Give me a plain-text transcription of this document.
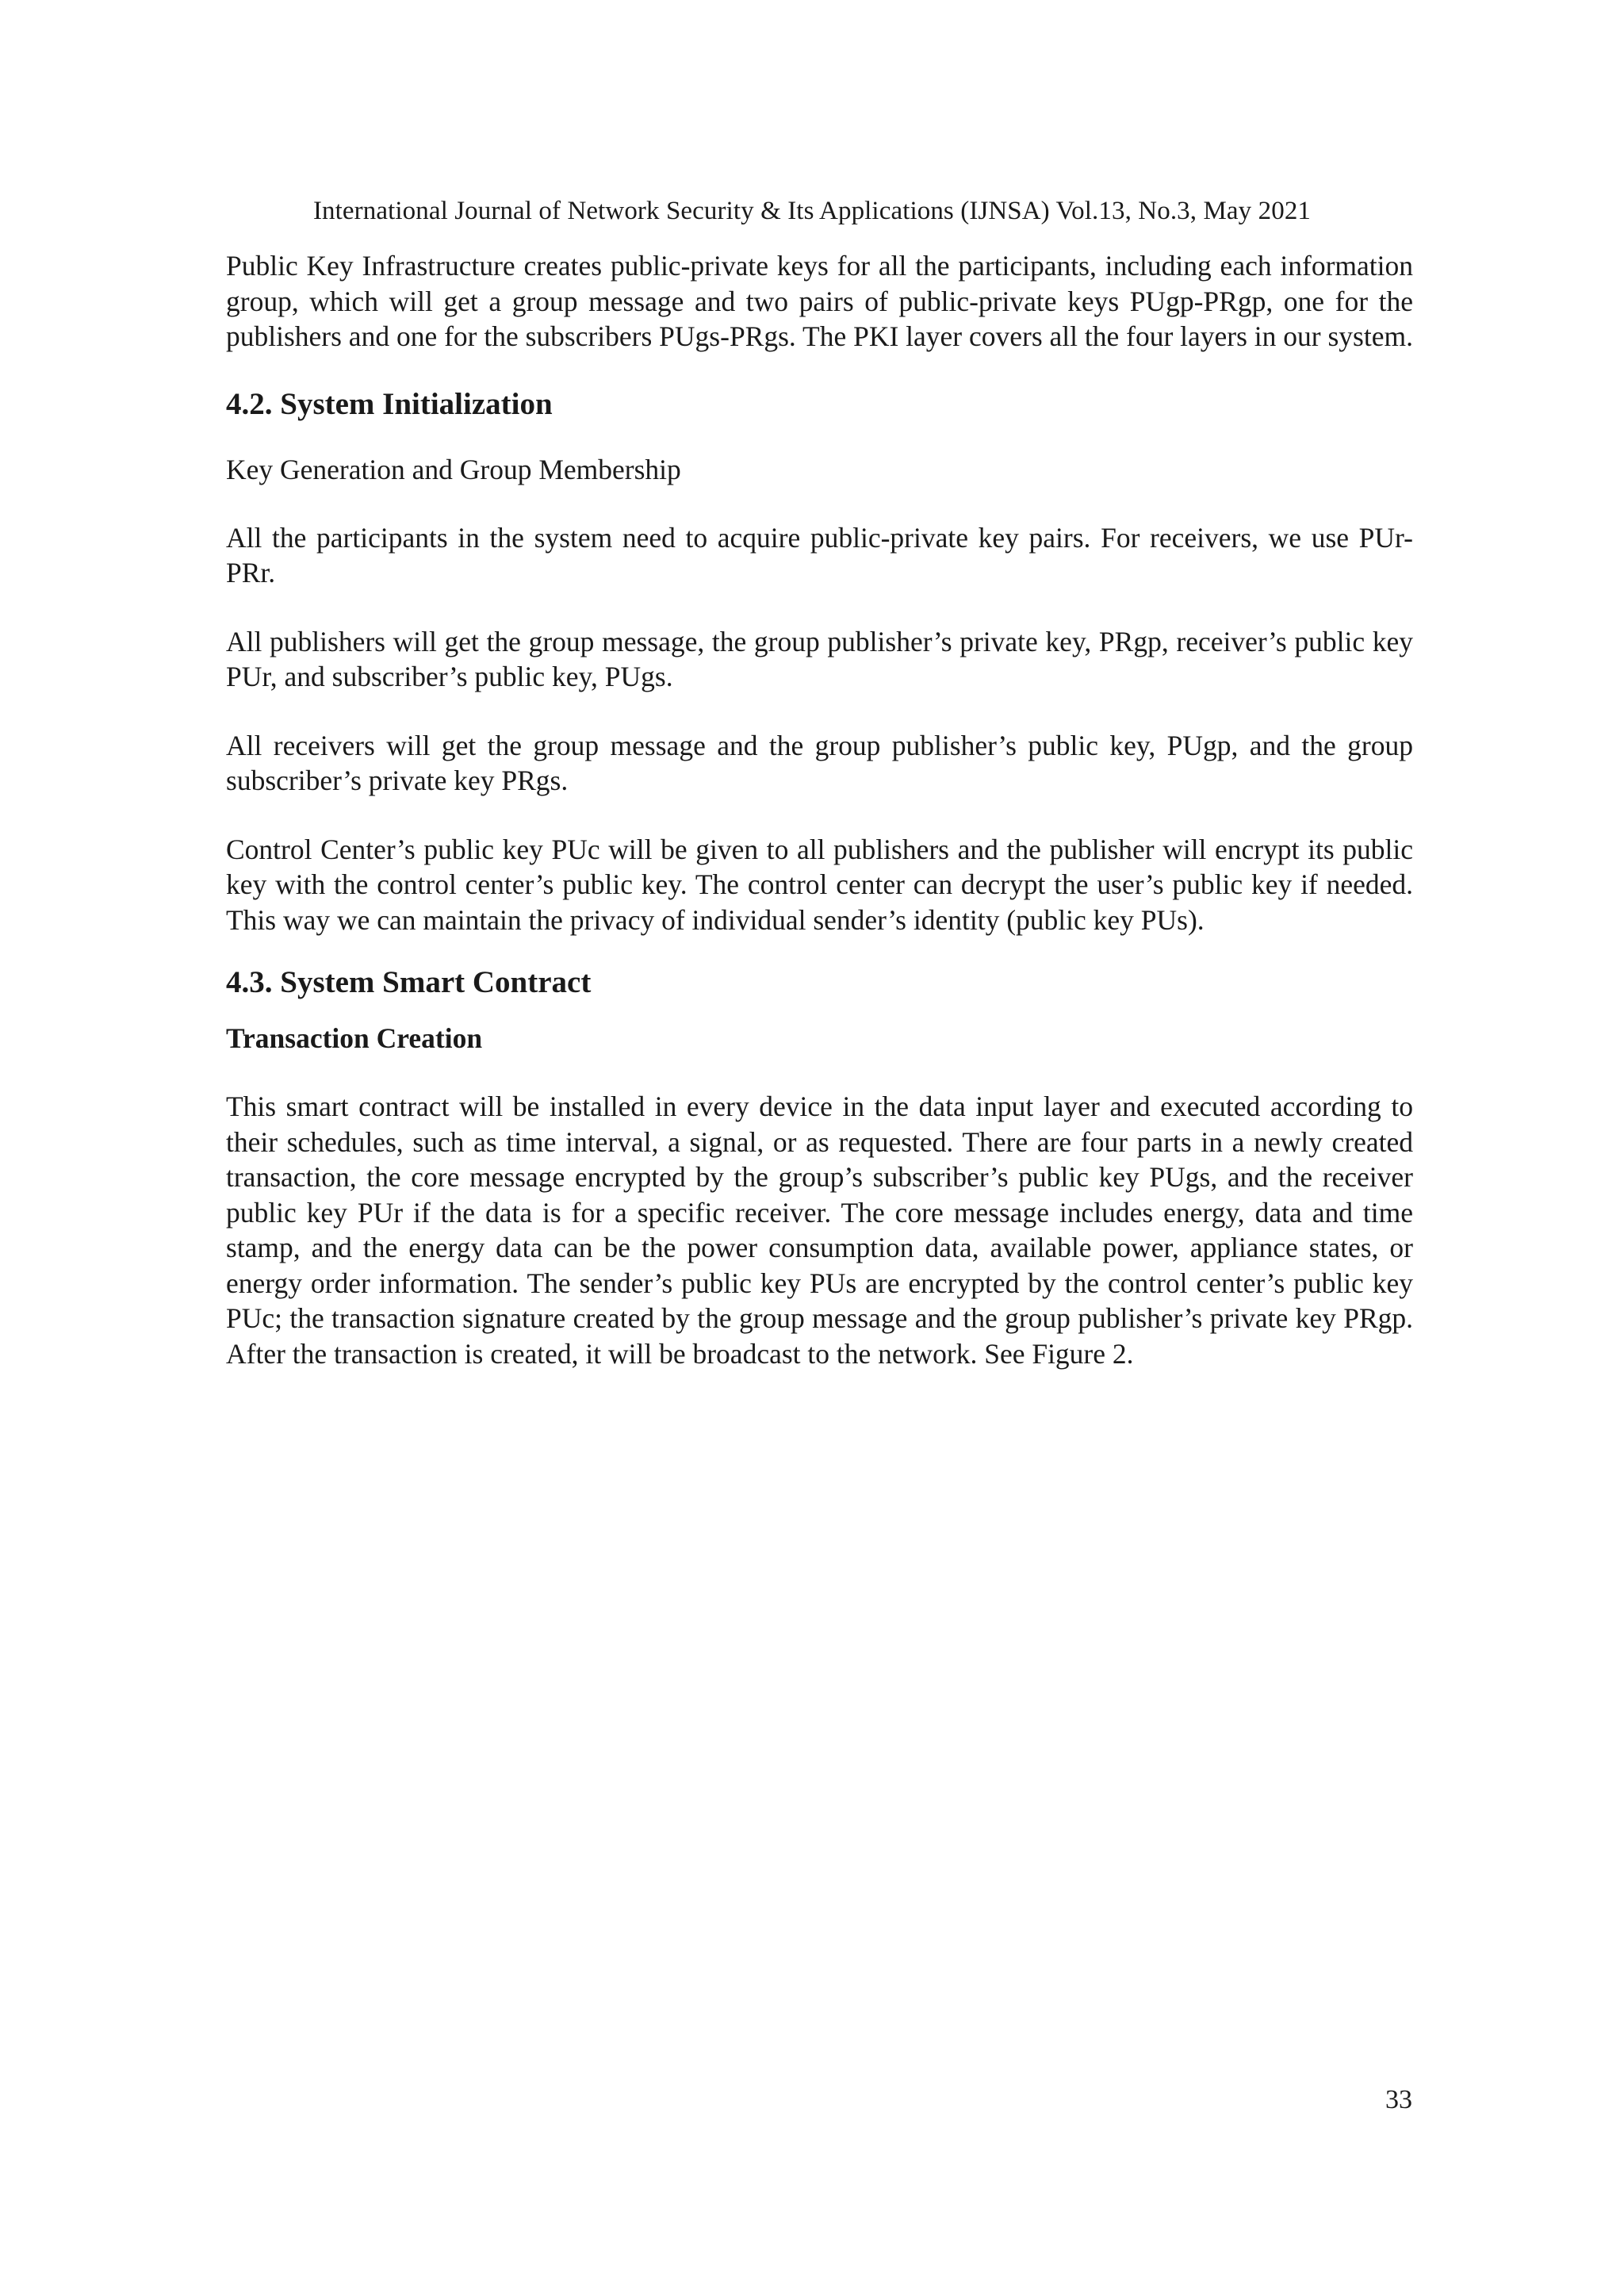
International Journal of Network Security & Its Applications (IJNSA) Vol.13, No.3, May 2021

Public Key Infrastructure creates public-private keys for all the participants, including each information group, which will get a group message and two pairs of public-private keys PUgp-PRgp, one for the publishers and one for the subscribers PUgs-PRgs. The PKI layer covers all the four layers in our system.

4.2. System Initialization

Key Generation and Group Membership

All the participants in the system need to acquire public-private key pairs. For receivers, we use PUr-PRr.

All publishers will get the group message, the group publisher’s private key, PRgp, receiver’s public key PUr, and subscriber’s public key, PUgs.

All receivers will get the group message and the group publisher’s public key, PUgp, and the group subscriber’s private key PRgs.

Control Center’s public key PUc will be given to all publishers and the publisher will encrypt its public key with the control center’s public key. The control center can decrypt the user’s public key if needed. This way we can maintain the privacy of individual sender’s identity (public key PUs).

4.3. System Smart Contract
Transaction Creation

This smart contract will be installed in every device in the data input layer and executed according to their schedules, such as time interval, a signal, or as requested. There are four parts in a newly created transaction, the core message encrypted by the group’s subscriber’s public key PUgs, and the receiver public key PUr if the data is for a specific receiver. The core message includes energy, data and time stamp, and the energy data can be the power consumption data, available power, appliance states, or energy order information. The sender’s public key PUs are encrypted by the control center’s public key PUc; the transaction signature created by the group message and the group publisher’s private key PRgp. After the transaction is created, it will be broadcast to the network. See Figure 2.

33
